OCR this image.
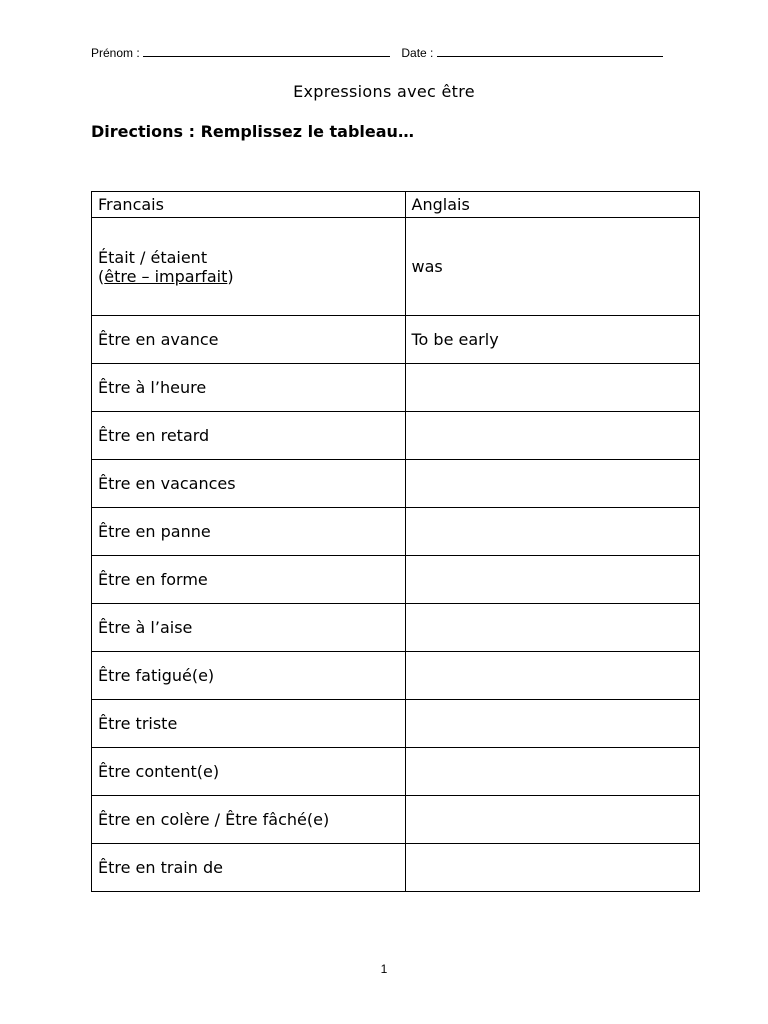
Prénom :	Date :
Expressions avec être
Directions : Remplissez le tableau…
Francais	Anglais

Était / étaient
(être – imparfait)	was
Être en avance	To be early
Être à l’heure	
Être en retard	
Être en vacances	
Être en panne	
Être en forme	
Être à l’aise	
Être fatigué(e)	
Être triste	
Être content(e)	
Être en colère / Être fâché(e)	
Être en train de	
1
